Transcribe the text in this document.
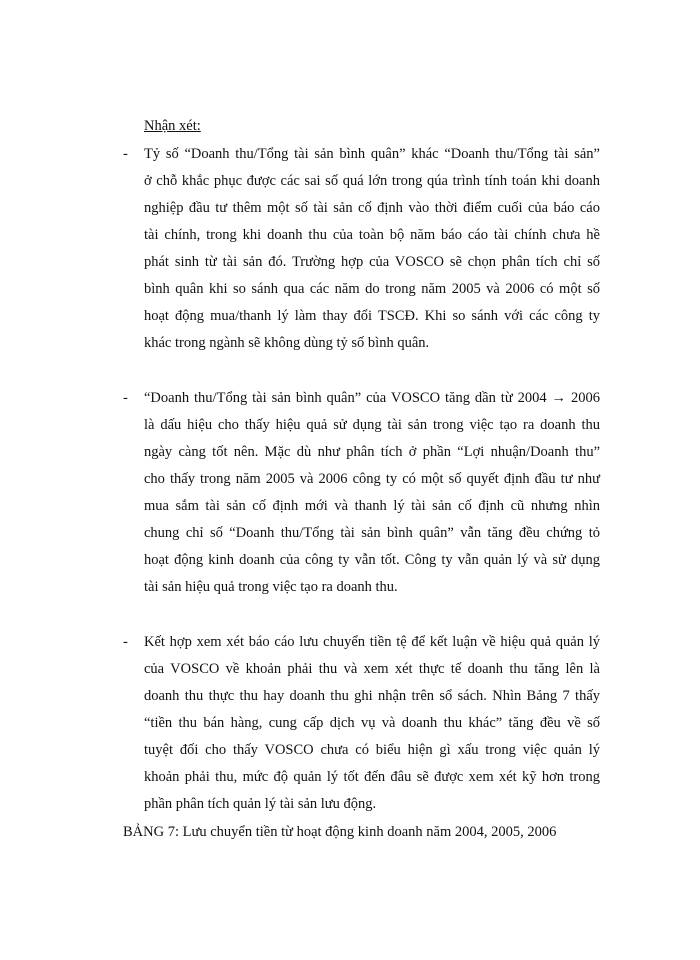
Nhận xét:
- Tỷ số “Doanh thu/Tổng tài sản bình quân” khác “Doanh thu/Tổng tài sản”
ở chỗ khắc phục được các sai số quá lớn trong qúa trình tính toán khi doanh
nghiệp đầu tư thêm một số tài sản cố định vào thời điểm cuối của báo cáo
tài chính, trong khi doanh thu của toàn bộ năm báo cáo tài chính chưa hề
phát sinh từ tài sản đó. Trường hợp của VOSCO sẽ chọn phân tích chỉ số
bình quân khi so sánh qua các năm do trong năm 2005 và 2006 có một số
hoạt động mua/thanh lý làm thay đổi TSCĐ. Khi so sánh với các công ty
khác trong ngành sẽ không dùng tỷ số bình quân.
- “Doanh thu/Tổng tài sản bình quân” của VOSCO tăng dần từ 2004 → 2006
là dấu hiệu cho thấy hiệu quả sử dụng tài sản trong việc tạo ra doanh thu
ngày càng tốt nên. Mặc dù như phân tích ở phần “Lợi nhuận/Doanh thu”
cho thấy trong năm 2005 và 2006 công ty có một số quyết định đầu tư như
mua sắm tài sản cố định mới và thanh lý tài sản cố định cũ nhưng nhìn
chung chỉ số “Doanh thu/Tổng tài sản bình quân” vẫn tăng đều chứng tỏ
hoạt động kinh doanh của công ty vẫn tốt. Công ty vẫn quản lý và sử dụng
tài sản hiệu quả trong việc tạo ra doanh thu.
- Kết hợp xem xét báo cáo lưu chuyển tiền tệ để kết luận về hiệu quả quản lý
của VOSCO về khoản phải thu và xem xét thực tế doanh thu tăng lên là
doanh thu thực thu hay doanh thu ghi nhận trên sổ sách. Nhìn Bảng 7 thấy
“tiền thu bán hàng, cung cấp dịch vụ và doanh thu khác” tăng đều về số
tuyệt đối cho thấy VOSCO chưa có biểu hiện gì xấu trong việc quản lý
khoản phải thu, mức độ quản lý tốt đến đâu sẽ được xem xét kỹ hơn trong
phần phân tích quản lý tài sản lưu động.
BẢNG 7: Lưu chuyển tiền từ hoạt động kinh doanh năm 2004, 2005, 2006
